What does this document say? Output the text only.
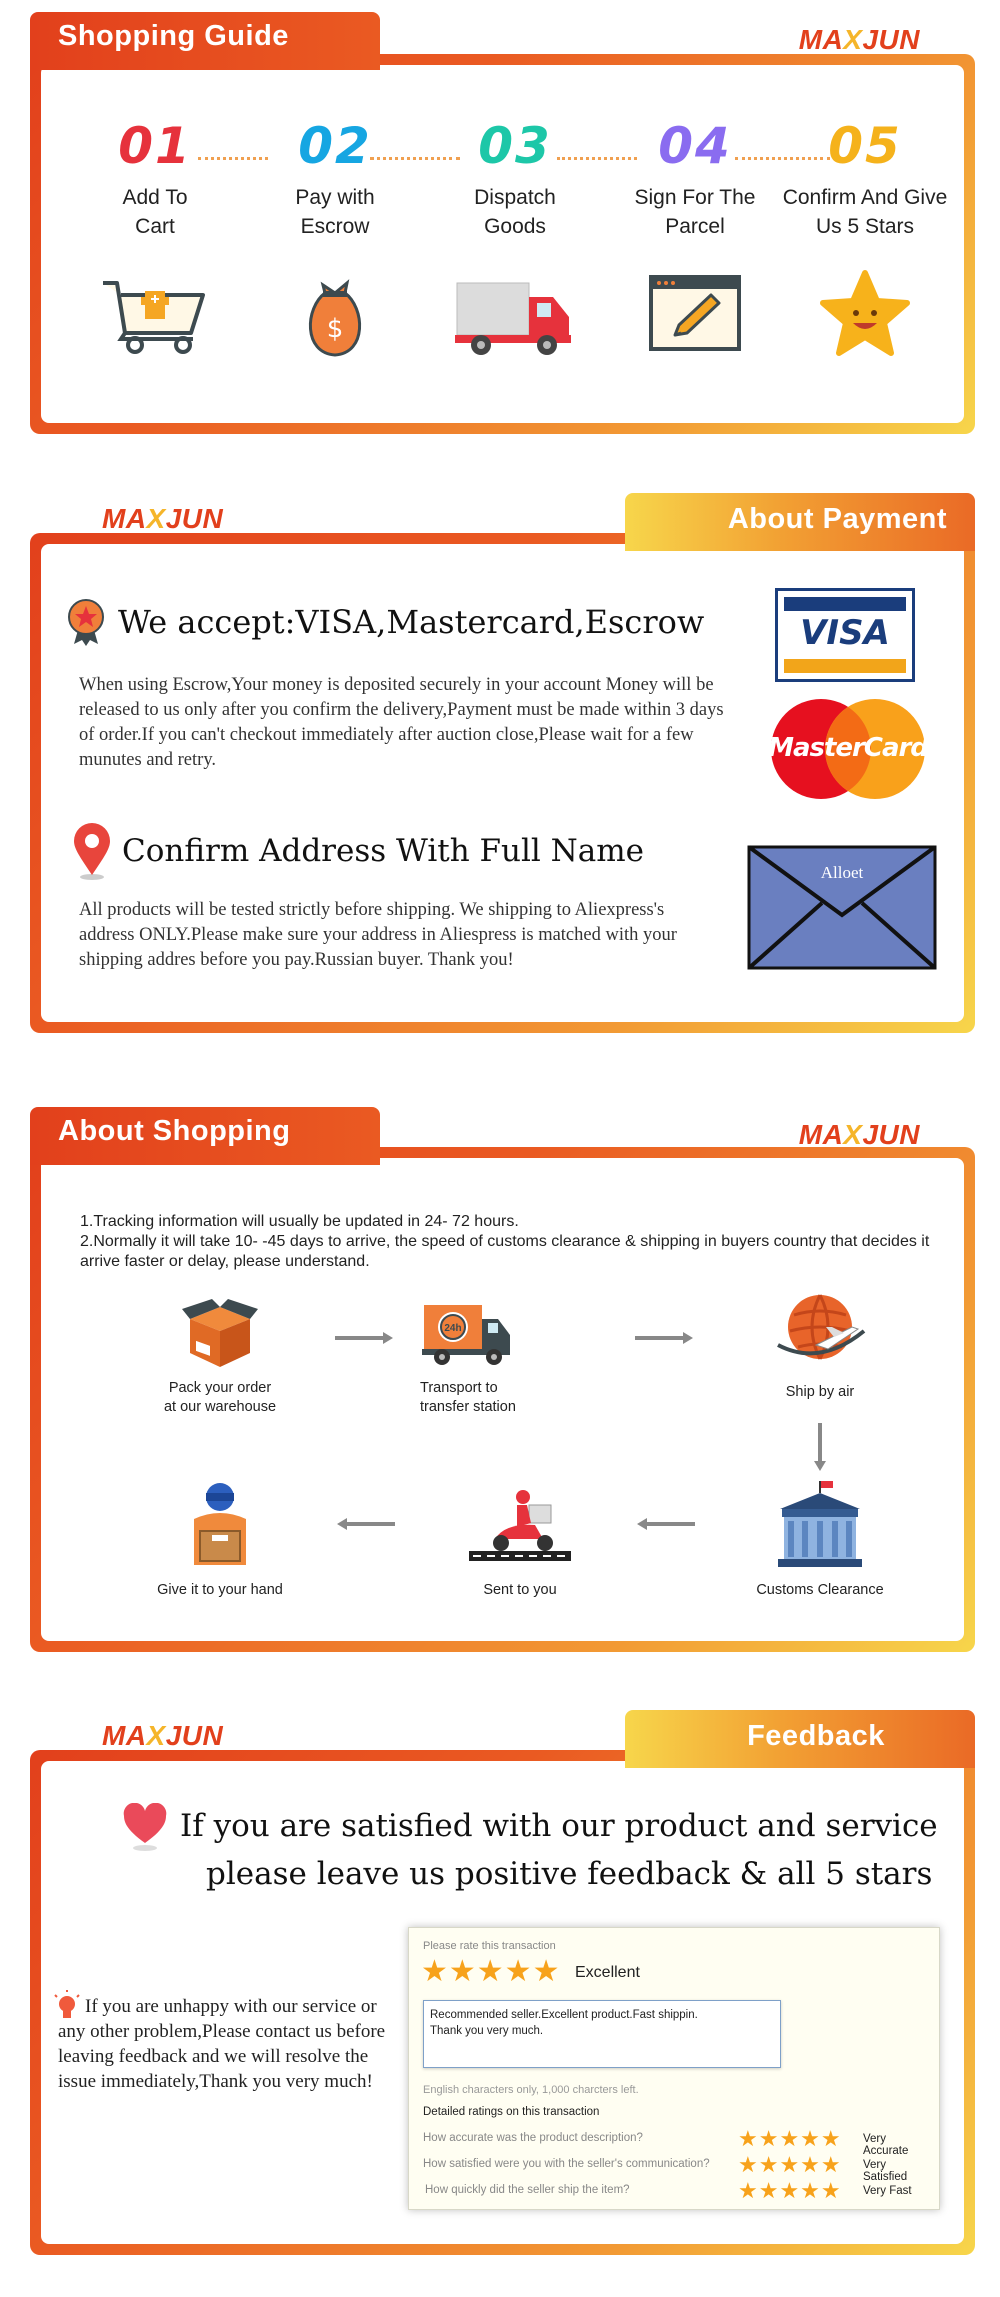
Shopping Guide	MAXJUN
01
Add To Cart
02
Pay with Escrow
$
03
Dispatch Goods
04
Sign For The Parcel
05
Confirm And Give Us 5 Stars
About Payment
MAXJUN
We accept:VISA,Mastercard,Escrow
When using Escrow,Your money is deposited securely in your account Money will be released to us only after you confirm the delivery,Payment must be made within 3 days of order.If you can't checkout immediately after auction close,Please wait for a few munutes and retry.
VISA
MasterCard
Confirm Address With Full Name
All products will be tested strictly before shipping. We shipping to Aliexpress's address ONLY.Please make sure your address in Aliespress is matched with your shipping addres before you pay.Russian buyer. Thank you!
Alloet
About Shopping	MAXJUN
1.Tracking information will usually be updated in 24- 72 hours.
2.Normally it will take 10- -45 days to arrive, the speed of customs clearance & shipping in buyers country that decides it arrive faster or delay, please understand.
Pack your order
at our warehouse
24h
Transport to
transfer station
Ship by air
Give it to your hand	Sent to you	Customs Clearance
Feedback
MAXJUN
If you are satisfied with our product and service
please leave us positive feedback & all 5 stars
If you are unhappy with our service or any other problem,Please contact us before leaving feedback and we will resolve the issue immediately,Thank you very much!
Please rate this transaction
★★★★★ Excellent
Recommended seller.Excellent product.Fast shippin.
Thank you very much.
English characters only, 1,000 charcters left.
Detailed ratings on this transaction
How accurate was the product description?	★★★★★ Very Accurate
How satisfied were you with the seller's communication? ★★★★★ Very Satisfied
How quickly did the seller ship the item?	★★★★★ Very Fast
